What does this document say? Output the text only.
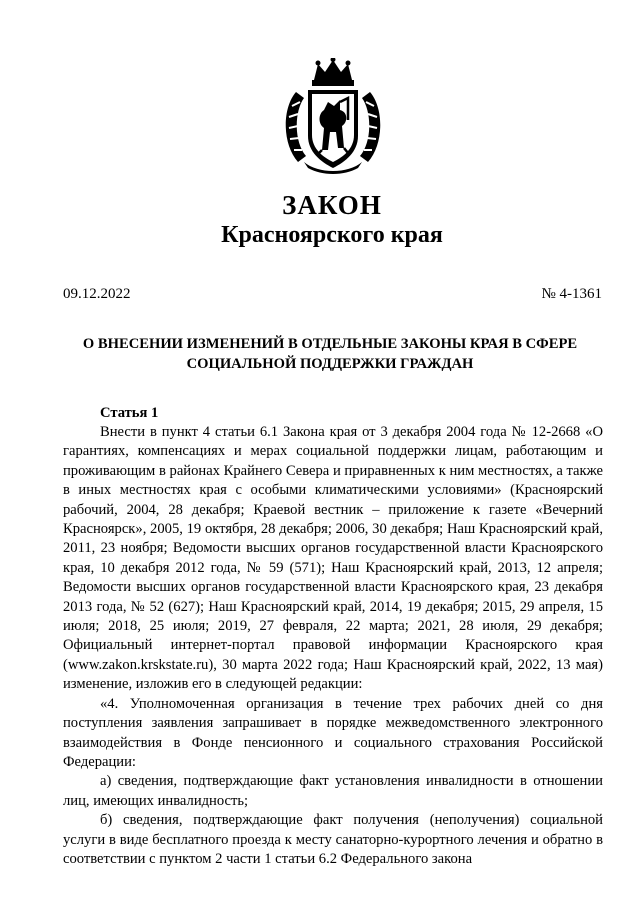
ЗАКОН
Красноярского края
09.12.2022	№ 4-1361
О ВНЕСЕНИИ ИЗМЕНЕНИЙ В ОТДЕЛЬНЫЕ ЗАКОНЫ КРАЯ В СФЕРЕ
СОЦИАЛЬНОЙ ПОДДЕРЖКИ ГРАЖДАН
Статья 1

Внести в пункт 4 статьи 6.1 Закона края от 3 декабря 2004 года № 12-2668 «О гарантиях, компенсациях и мерах социальной поддержки лицам, работающим и проживающим в районах Крайнего Севера и приравненных к ним местностях, а также в иных местностях края с особыми климатическими условиями» (Красноярский рабочий, 2004, 28 декабря; Краевой вестник – приложение к газете «Вечерний Красноярск», 2005, 19 октября, 28 декабря; 2006, 30 декабря; Наш Красноярский край, 2011, 23 ноября; Ведомости высших органов государственной власти Красноярского края, 10 декабря 2012 года, № 59 (571); Наш Красноярский край, 2013, 12 апреля; Ведомости высших органов государственной власти Красноярского края, 23 декабря 2013 года, № 52 (627); Наш Красноярский край, 2014, 19 декабря; 2015, 29 апреля, 15 июля; 2018, 25 июля; 2019, 27 февраля, 22 марта; 2021, 28 июля, 29 декабря; Официальный интернет-портал правовой информации Красноярского края (www.zakon.krskstate.ru), 30 марта 2022 года; Наш Красноярский край, 2022, 13 мая) изменение, изложив его в следующей редакции:

«4. Уполномоченная организация в течение трех рабочих дней со дня поступления заявления запрашивает в порядке межведомственного электронного взаимодействия в Фонде пенсионного и социального страхования Российской Федерации:

а) сведения, подтверждающие факт установления инвалидности в отношении лиц, имеющих инвалидность;

б) сведения, подтверждающие факт получения (неполучения) социальной услуги в виде бесплатного проезда к месту санаторно-курортного лечения и обратно в соответствии с пунктом 2 части 1 статьи 6.2 Федерального закона
